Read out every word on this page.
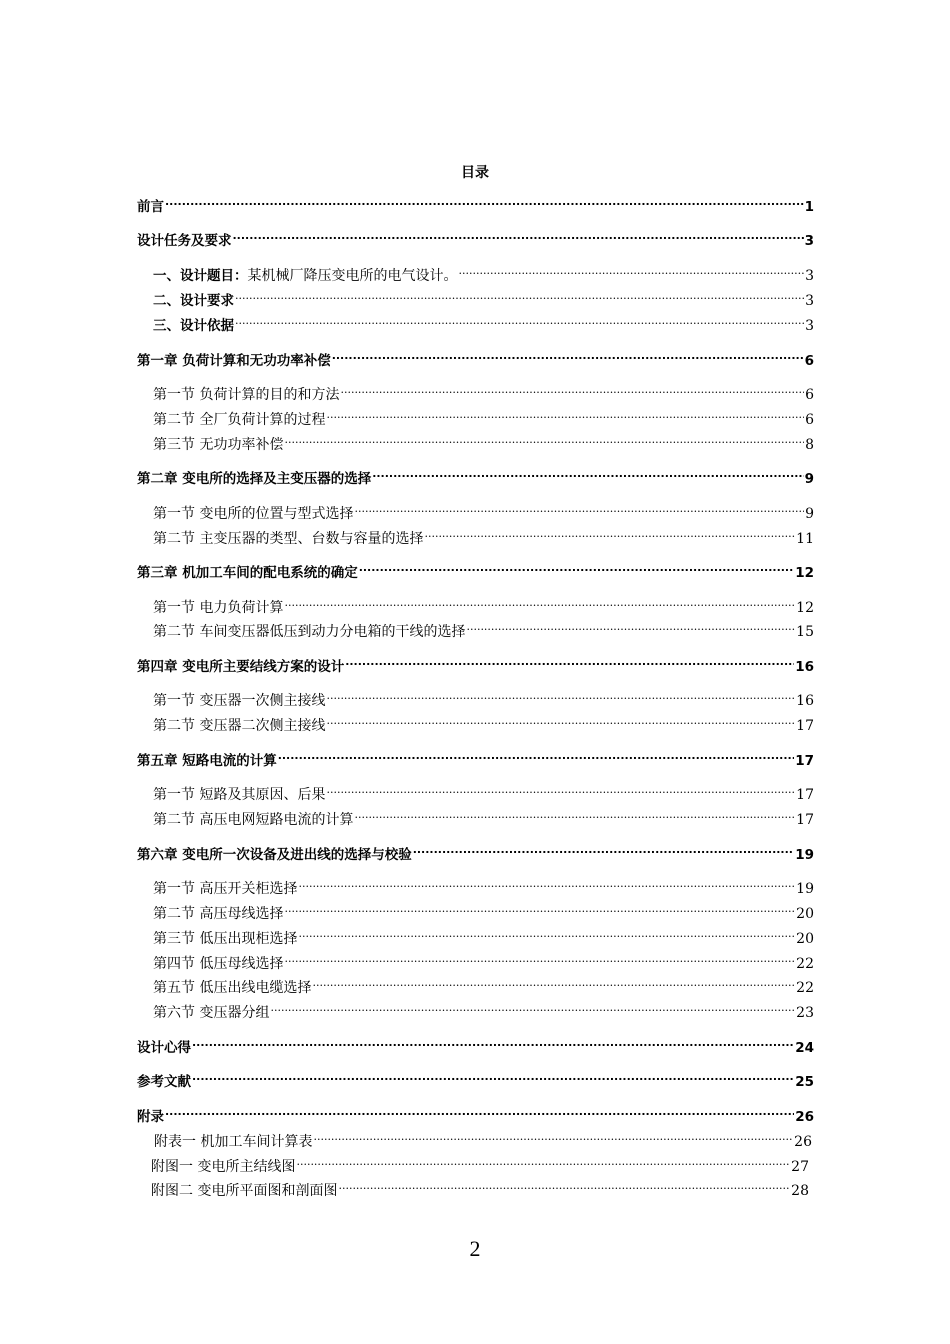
目录
前言 .....	1
设计任务及要求 .....	3
一、设计题目：某机械厂降压变电所的电气设计。 .....	3
二、设计要求 .....	3
三、设计依据 .....	3
第一章 负荷计算和无功功率补偿 .....	6
第一节 负荷计算的目的和方法 .....	6
第二节 全厂负荷计算的过程 .....	6
第三节 无功功率补偿 .....	8
第二章 变电所的选择及主变压器的选择 .....	9
第一节 变电所的位置与型式选择 .....	9
第二节 主变压器的类型、台数与容量的选择 .....	11
第三章 机加工车间的配电系统的确定 .....	12
第一节 电力负荷计算 .....	12
第二节 车间变压器低压到动力分电箱的干线的选择 .....	15
第四章 变电所主要结线方案的设计 .....	16
第一节 变压器一次侧主接线 .....	16
第二节 变压器二次侧主接线 .....	17
第五章 短路电流的计算 .....	17
第一节 短路及其原因、后果 .....	17
第二节 高压电网短路电流的计算 .....	17
第六章 变电所一次设备及进出线的选择与校验 .....	19
第一节 高压开关柜选择 .....	19
第二节 高压母线选择 .....	20
第三节 低压出现柜选择 .....	20
第四节 低压母线选择 .....	22
第五节 低压出线电缆选择 .....	22
第六节 变压器分组 .....	23
设计心得 .....	24
参考文献 .....	25
附录 .....	26
附表一 机加工车间计算表 .....	26
附图一 变电所主结线图 .....	27
附图二 变电所平面图和剖面图 .....	28
2
